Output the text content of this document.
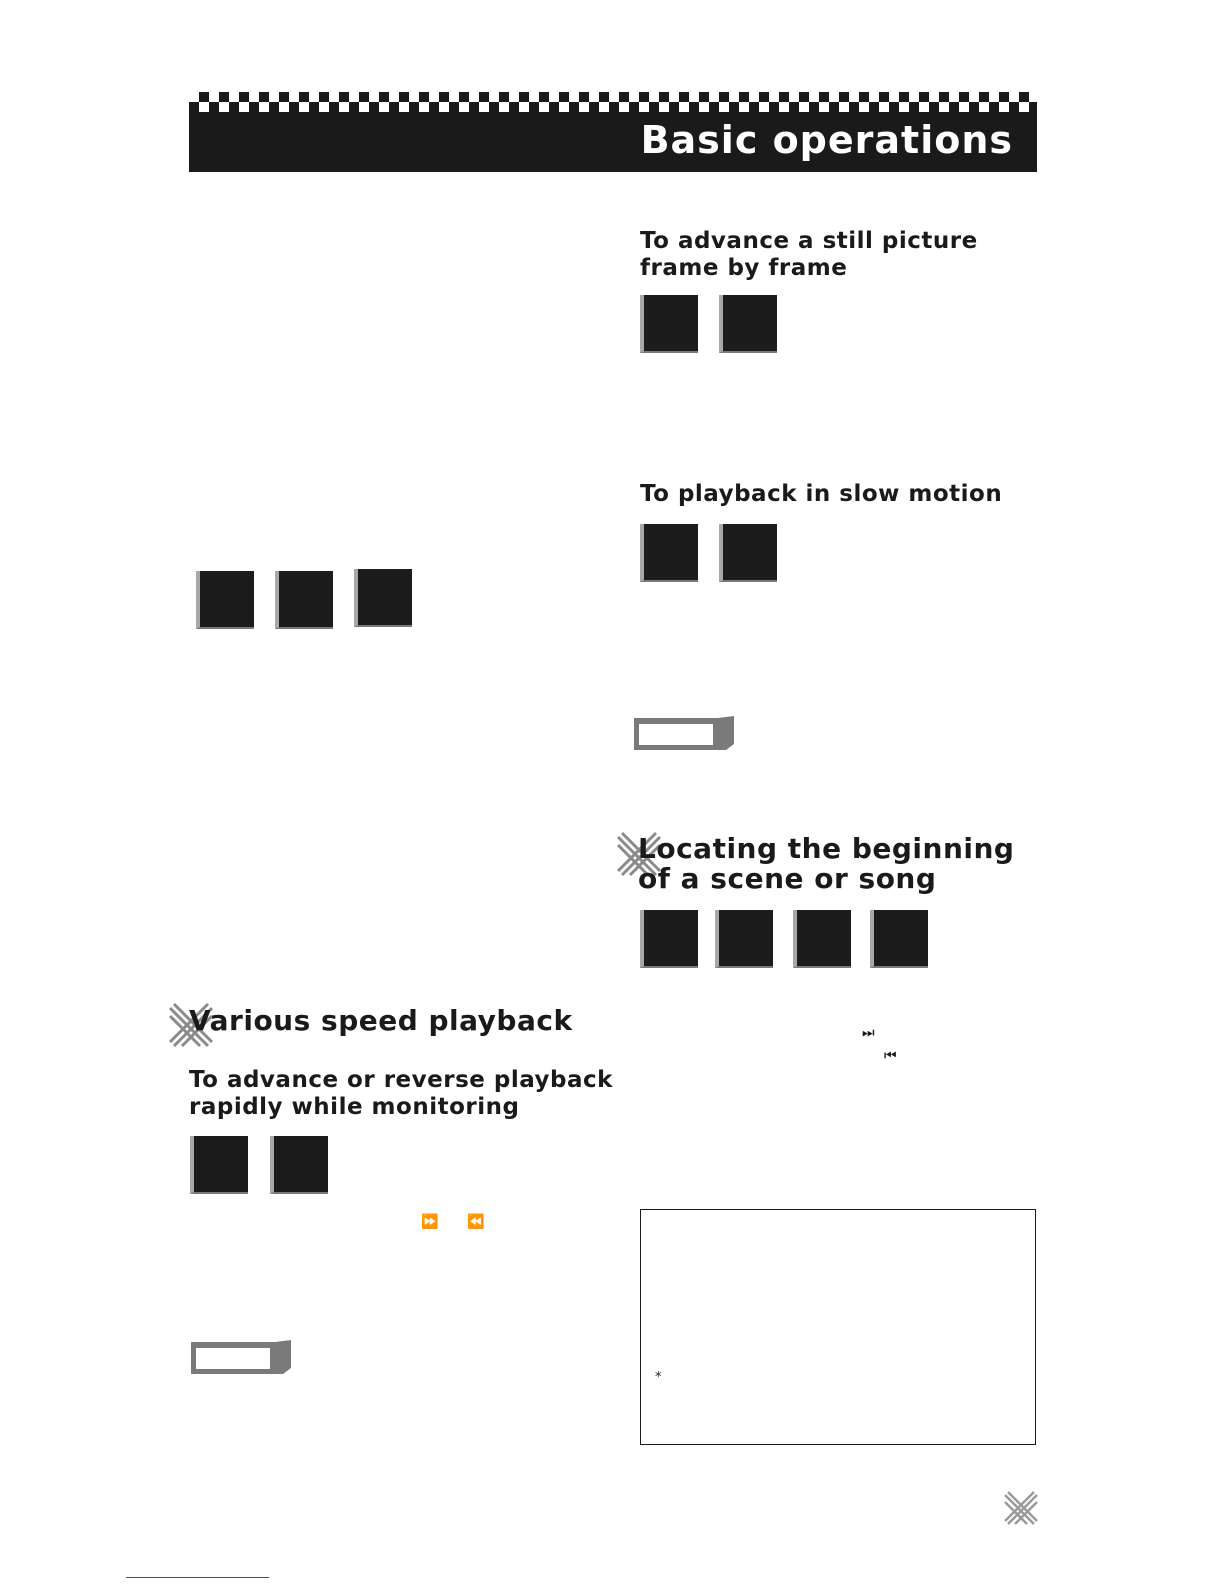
Basic operations

To advance a still picture

frame by frame

To playback in slow motion

Locating the beginning

of a scene or song

⏭
⏮
*

Various speed playback

To advance or reverse playback

rapidly while monitoring

⏩ ⏪
